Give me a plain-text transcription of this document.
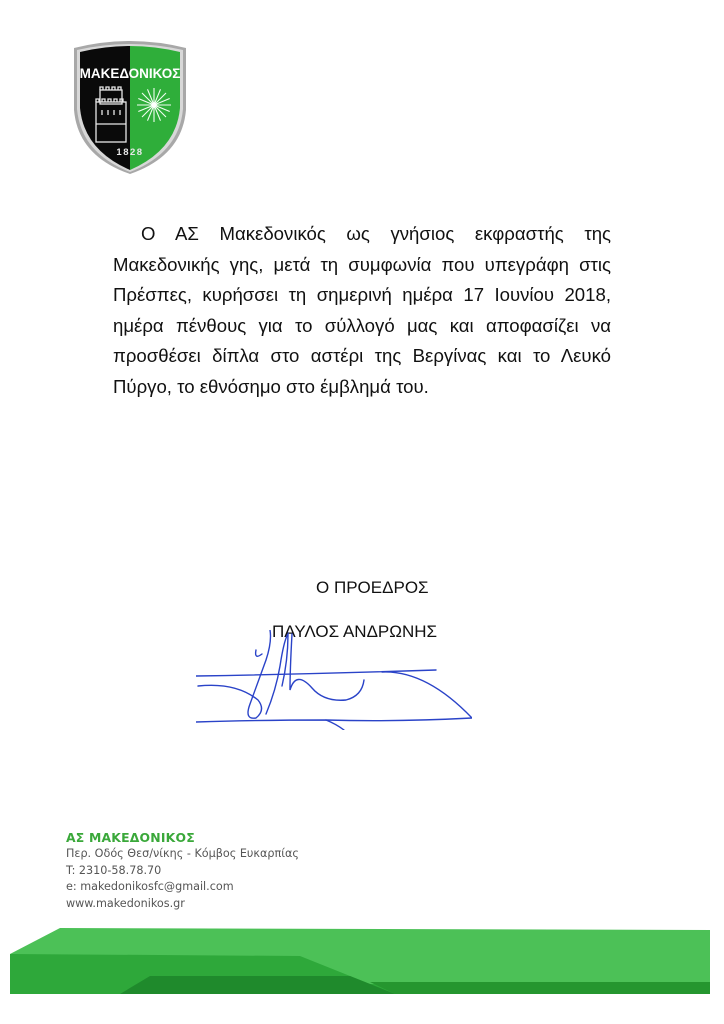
ΜΑΚΕΔΟΝΙΚΟΣ
1828
Ο ΑΣ Μακεδονικός ως γνήσιος εκφραστής της Μακεδονικής γης, μετά τη συμφωνία που υπεγράφη στις Πρέσπες, κυρήσσει τη σημερινή ημέρα 17 Ιουνίου 2018, ημέρα πένθους για το σύλλογό μας και αποφασίζει να προσθέσει δίπλα στο αστέρι της Βεργίνας και το Λευκό Πύργο, το εθνόσημο στο έμβλημά του.
Ο ΠΡΟΕΔΡΟΣ
ΠΑΥΛΟΣ ΑΝΔΡΩΝΗΣ
ΑΣ ΜΑΚΕΔΟΝΙΚΟΣ
Περ. Οδός Θεσ/νίκης - Κόμβος Ευκαρπίας
T: 2310-58.78.70
e: makedonikosfc@gmail.com
www.makedonikos.gr
